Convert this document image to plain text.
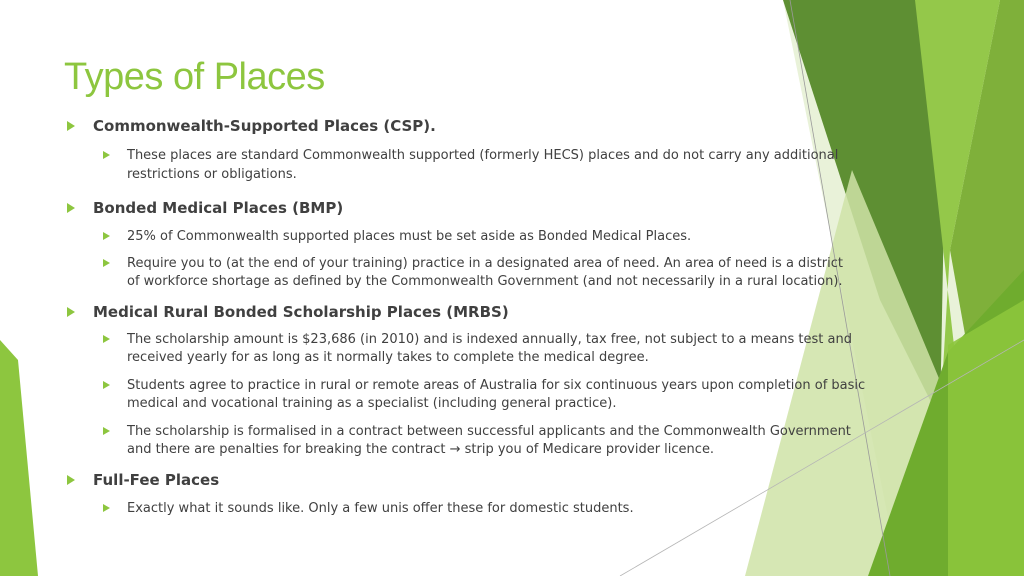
Types of Places
Commonwealth-Supported Places (CSP).
These places are standard Commonwealth supported (formerly HECS) places and do not carry any additional restrictions or obligations.
Bonded Medical Places (BMP)
25% of Commonwealth supported places must be set aside as Bonded Medical Places.
Require you to (at the end of your training) practice in a designated area of need. An area of need is a district of workforce shortage as defined by the Commonwealth Government (and not necessarily in a rural location).
Medical Rural Bonded Scholarship Places (MRBS)
The scholarship amount is $23,686 (in 2010) and is indexed annually, tax free, not subject to a means test and received yearly for as long as it normally takes to complete the medical degree.
Students agree to practice in rural or remote areas of Australia for six continuous years upon completion of basic medical and vocational training as a specialist (including general practice).
The scholarship is formalised in a contract between successful applicants and the Commonwealth Government and there are penalties for breaking the contract → strip you of Medicare provider licence.
Full-Fee Places
Exactly what it sounds like. Only a few unis offer these for domestic students.
